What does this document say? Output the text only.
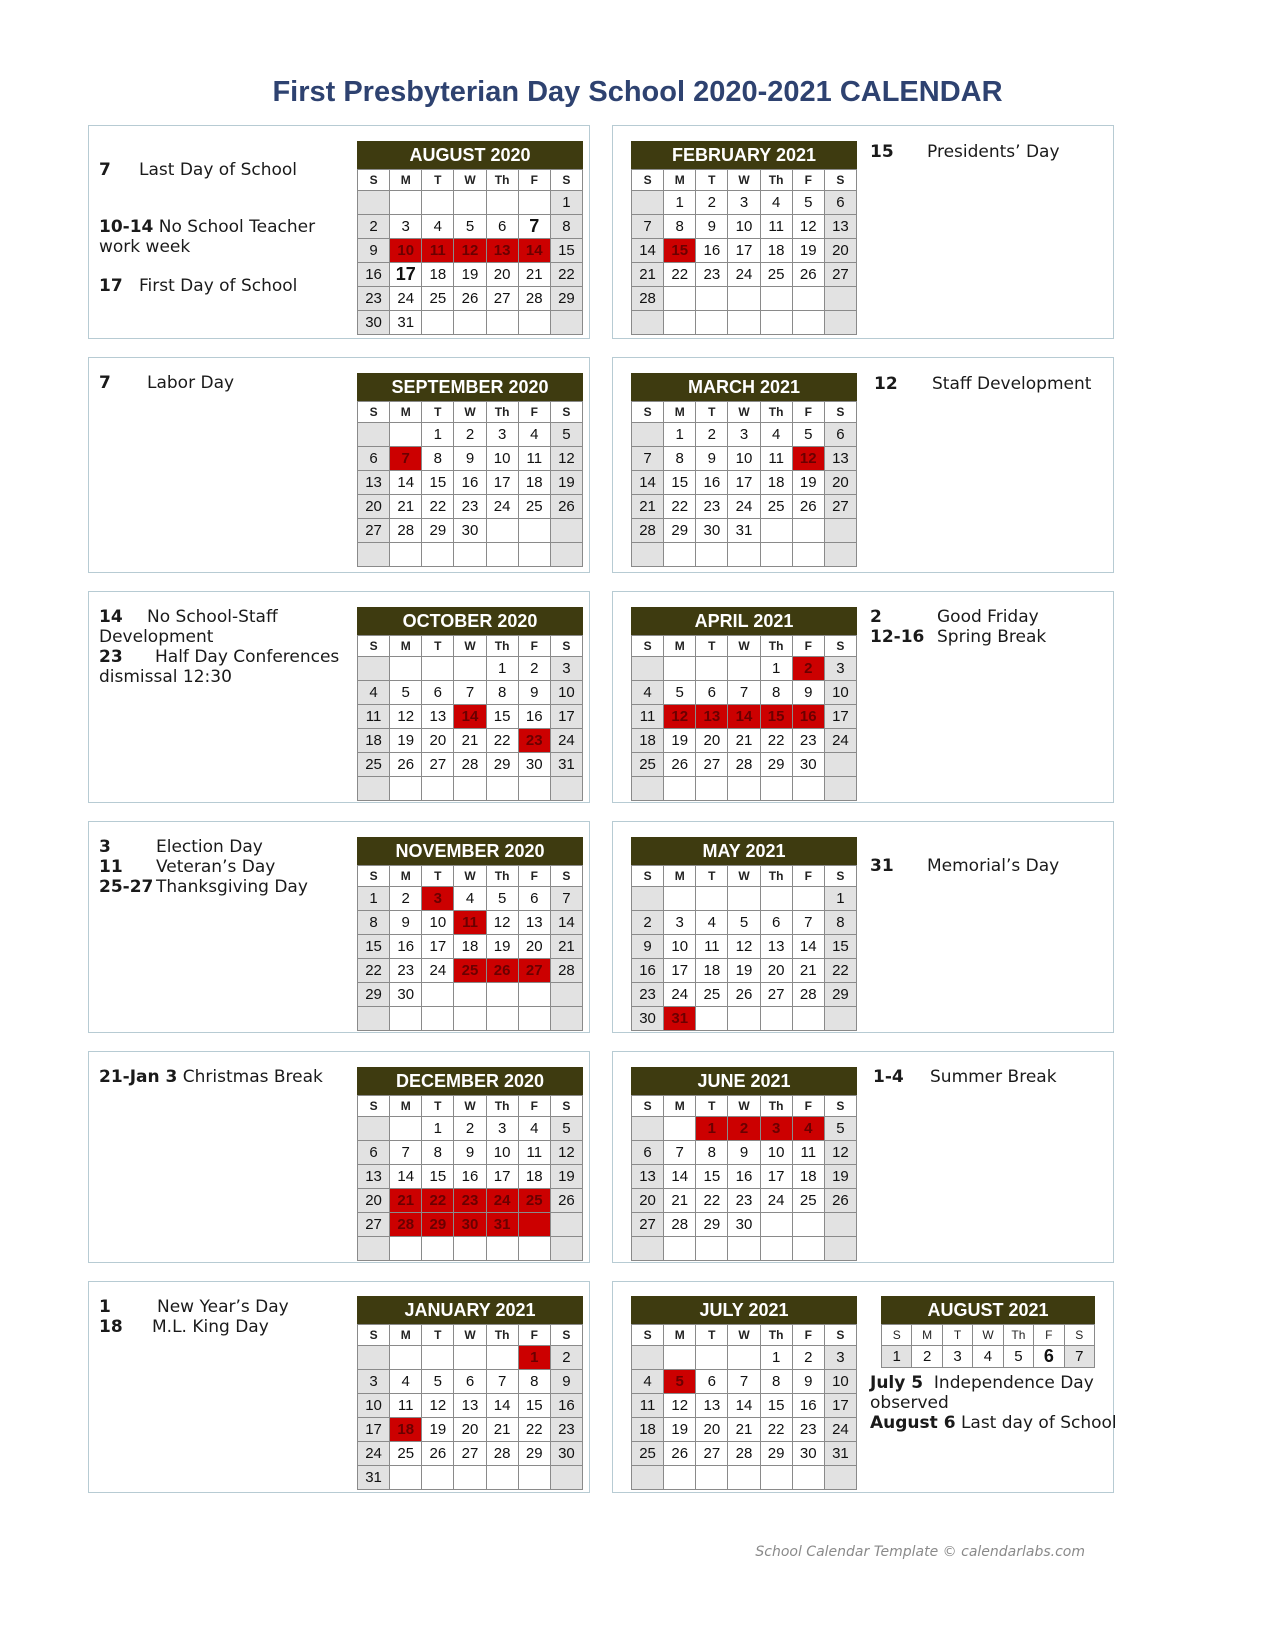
First Presbyterian Day School 2020-2021 CALENDAR
AUGUST 2020
S	M	T	W	Th	F	S
						1
2	3	4	5	6	7	8
9	10	11	12	13	14	15
16	17	18	19	20	21	22
23	24	25	26	27	28	29
30	31					
SEPTEMBER 2020
S	M	T	W	Th	F	S
		1	2	3	4	5
6	7	8	9	10	11	12
13	14	15	16	17	18	19
20	21	22	23	24	25	26
27	28	29	30			

OCTOBER 2020
S	M	T	W	Th	F	S
				1	2	3
4	5	6	7	8	9	10
11	12	13	14	15	16	17
18	19	20	21	22	23	24
25	26	27	28	29	30	31

NOVEMBER 2020
S	M	T	W	Th	F	S
1	2	3	4	5	6	7
8	9	10	11	12	13	14
15	16	17	18	19	20	21
22	23	24	25	26	27	28
29	30					

DECEMBER 2020
S	M	T	W	Th	F	S
		1	2	3	4	5
6	7	8	9	10	11	12
13	14	15	16	17	18	19
20	21	22	23	24	25	26
27	28	29	30	31		

JANUARY 2021
S	M	T	W	Th	F	S
					1	2
3	4	5	6	7	8	9
10	11	12	13	14	15	16
17	18	19	20	21	22	23
24	25	26	27	28	29	30
31						
FEBRUARY 2021
S	M	T	W	Th	F	S
	1	2	3	4	5	6
7	8	9	10	11	12	13
14	15	16	17	18	19	20
21	22	23	24	25	26	27
28						

MARCH 2021
S	M	T	W	Th	F	S
	1	2	3	4	5	6
7	8	9	10	11	12	13
14	15	16	17	18	19	20
21	22	23	24	25	26	27
28	29	30	31			

APRIL 2021
S	M	T	W	Th	F	S
				1	2	3
4	5	6	7	8	9	10
11	12	13	14	15	16	17
18	19	20	21	22	23	24
25	26	27	28	29	30	

MAY 2021
S	M	T	W	Th	F	S
						1
2	3	4	5	6	7	8
9	10	11	12	13	14	15
16	17	18	19	20	21	22
23	24	25	26	27	28	29
30	31					
JUNE 2021
S	M	T	W	Th	F	S
		1	2	3	4	5
6	7	8	9	10	11	12
13	14	15	16	17	18	19
20	21	22	23	24	25	26
27	28	29	30			

JULY 2021
S	M	T	W	Th	F	S
				1	2	3
4	5	6	7	8	9	10
11	12	13	14	15	16	17
18	19	20	21	22	23	24
25	26	27	28	29	30	31

AUGUST 2021
S	M	T	W	Th	F	S
1	2	3	4	5	6	7
7 Last Day of School
10-14 No School Teacher
work week
17 First Day of School
7 Labor Day
14 No School-Staff
Development
23 Half Day Conferences
dismissal 12:30
3	Election Day
11 Veteran’s Day
25-27 Thanksgiving Day
21-Jan 3 Christmas Break
1	New Year’s Day
18 M.L. King Day
15 Presidents’ Day
12 Staff Development
2	Good Friday
12-16 Spring Break
31 Memorial’s Day
1-4 Summer Break
July 5 Independence Day
observed
August 6 Last day of School
School Calendar Template © calendarlabs.com
